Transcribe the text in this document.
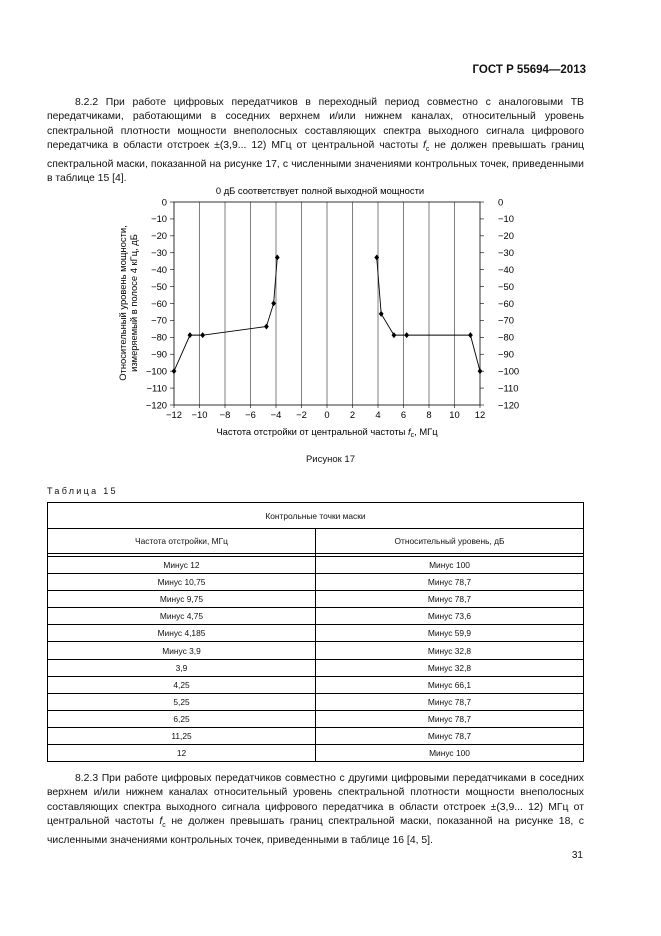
ГОСТ Р 55694—2013

8.2.2 При работе цифровых передатчиков в переходный период совместно с аналоговыми ТВ передатчиками, работающими в соседних верхнем и/или нижнем каналах, относительный уровень спектральной плотности мощности внеполосных составляющих спектра выходного сигнала цифрового передатчика в области отстроек ±(3,9... 12) МГц от центральной частоты $f_c$ не должен превышать границ спектральной маски, показанной на рисунке 17, с численными значениями контрольных точек, приведенными в таблице 15 [4].

0 дБ соответствует полной выходной мощности
−12 −10 −8 −6 −4 −2 0 2 4 6 8 10 12
0	0
−10	−10
−20	−20
−30	−30
−40	−40
−50	−50
−60	−60
−70	−70
−80	−80
−90	−90
−100	−100
−110	−110
−120	−120
Относительный уровень мощности, измеряемый в полосе 4 кГц, дБ
Частота отстройки от центральной частоты $f_с$, МГц
Рисунок 17
Таблица 15
Контрольные точки маски	
Частота отстройки, МГц	Относительный уровень, дБ

Минус 12	Минус 100
Минус 10,75	Минус 78,7
Минус 9,75	Минус 78,7
Минус 4,75	Минус 73,6
Минус 4,185	Минус 59,9
Минус 3,9	Минус 32,8
3,9	Минус 32,8
4,25	Минус 66,1
5,25	Минус 78,7
6,25	Минус 78,7
11,25	Минус 78,7
12	Минус 100

8.2.3 При работе цифровых передатчиков совместно с другими цифровыми передатчиками в соседних верхнем и/или нижнем каналах относительный уровень спектральной плотности мощности внеполосных составляющих спектра выходного сигнала цифрового передатчика в области отстроек ±(3,9... 12) МГц от центральной частоты $f_с$ не должен превышать границ спектральной маски, показанной на рисунке 18, с численными значениями контрольных точек, приведенными в таблице 16 [4, 5].

31
